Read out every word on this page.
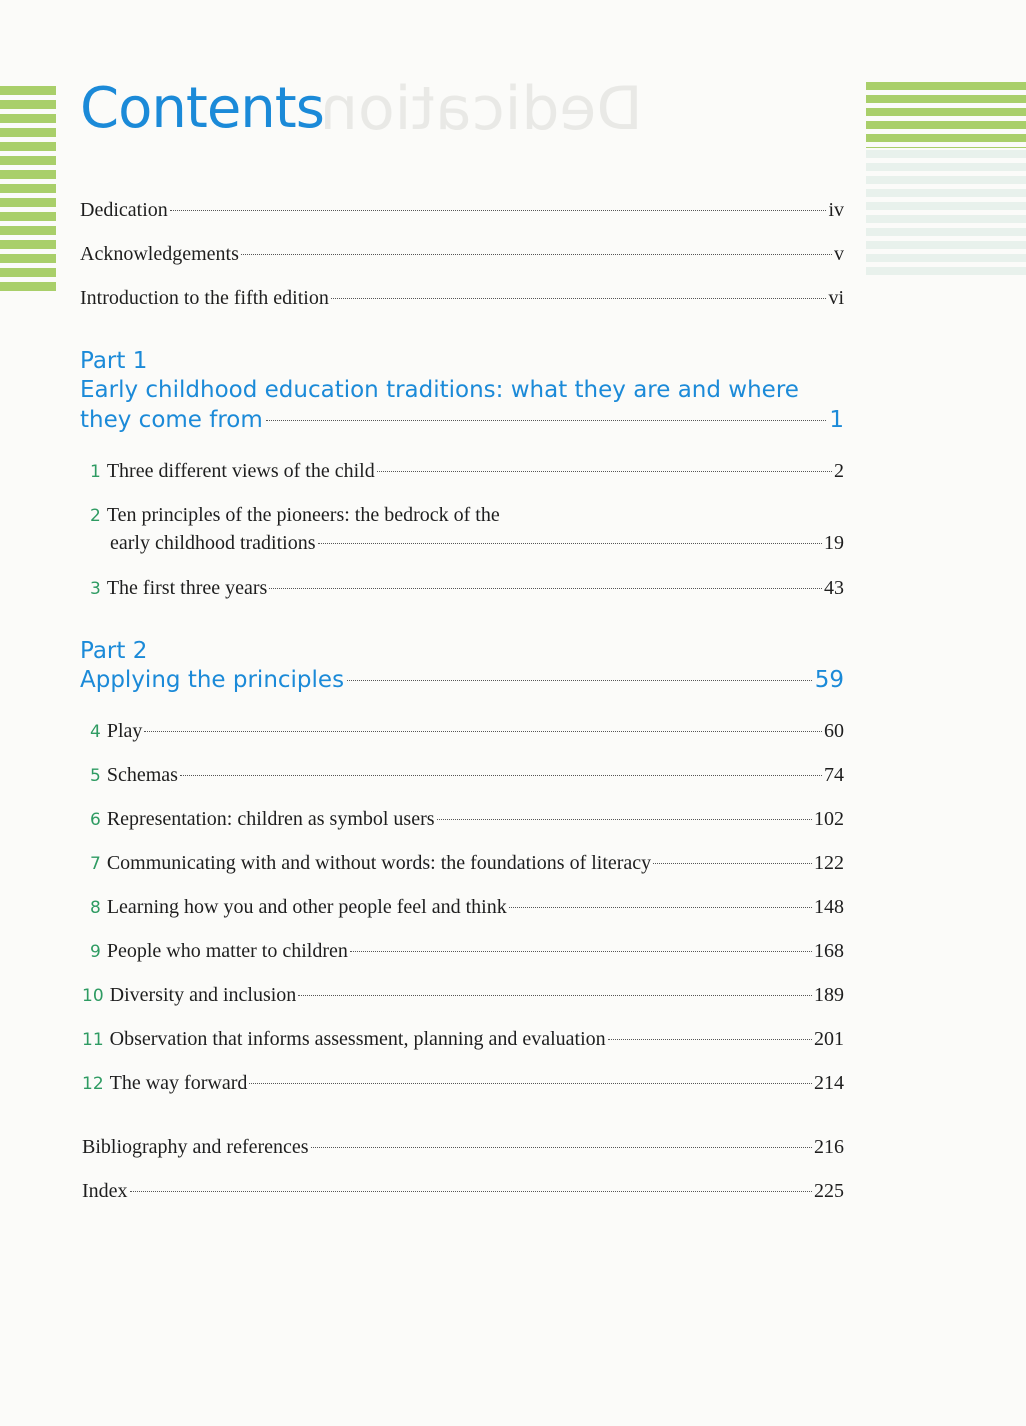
Dedication
Contents
Dedication	iv
Acknowledgements	v
Introduction to the fifth edition	vi
Part 1
Early childhood education traditions: what they are and where
they come from	1
1 Three different views of the child	2
2 Ten principles of the pioneers: the bedrock of the
early childhood traditions	19
3 The first three years	43
Part 2
Applying the principles	59
4 Play	60
5 Schemas	74
6 Representation: children as symbol users	102
7 Communicating with and without words: the foundations of literacy	122
8 Learning how you and other people feel and think	148
9 People who matter to children	168
10 Diversity and inclusion	189
11 Observation that informs assessment, planning and evaluation	201
12 The way forward	214
Bibliography and references	216
Index	225
